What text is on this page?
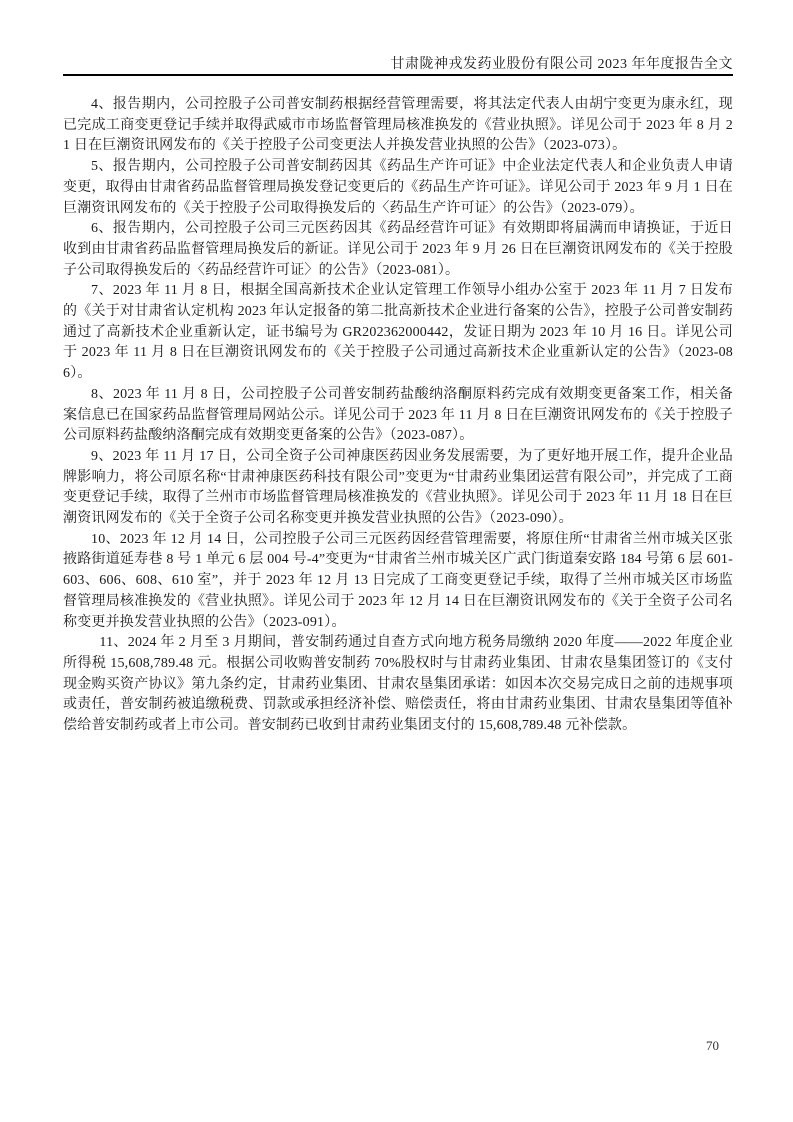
甘肃陇神戎发药业股份有限公司 2023 年年度报告全文

4、报告期内，公司控股子公司普安制药根据经营管理需要，将其法定代表人由胡宁变更为康永红，现已完成工商变更登记手续并取得武威市市场监督管理局核准换发的《营业执照》。详见公司于 2023 年 8 月 21 日在巨潮资讯网发布的《关于控股子公司变更法人并换发营业执照的公告》（2023-073）。

5、报告期内，公司控股子公司普安制药因其《药品生产许可证》中企业法定代表人和企业负责人申请变更，取得由甘肃省药品监督管理局换发登记变更后的《药品生产许可证》。详见公司于 2023 年 9 月 1 日在巨潮资讯网发布的《关于控股子公司取得换发后的〈药品生产许可证〉的公告》（2023-079）。

6、报告期内，公司控股子公司三元医药因其《药品经营许可证》有效期即将届满而申请换证，于近日收到由甘肃省药品监督管理局换发后的新证。详见公司于 2023 年 9 月 26 日在巨潮资讯网发布的《关于控股子公司取得换发后的〈药品经营许可证〉的公告》（2023-081）。

7、2023 年 11 月 8 日，根据全国高新技术企业认定管理工作领导小组办公室于 2023 年 11 月 7 日发布的《关于对甘肃省认定机构 2023 年认定报备的第二批高新技术企业进行备案的公告》，控股子公司普安制药通过了高新技术企业重新认定，证书编号为 GR202362000442，发证日期为 2023 年 10 月 16 日。详见公司于 2023 年 11 月 8 日在巨潮资讯网发布的《关于控股子公司通过高新技术企业重新认定的公告》（2023-086）。

8、2023 年 11 月 8 日，公司控股子公司普安制药盐酸纳洛酮原料药完成有效期变更备案工作，相关备案信息已在国家药品监督管理局网站公示。详见公司于 2023 年 11 月 8 日在巨潮资讯网发布的《关于控股子公司原料药盐酸纳洛酮完成有效期变更备案的公告》（2023-087）。

9、2023 年 11 月 17 日，公司全资子公司神康医药因业务发展需要，为了更好地开展工作，提升企业品牌影响力，将公司原名称“甘肃神康医药科技有限公司”变更为“甘肃药业集团运营有限公司”，并完成了工商变更登记手续，取得了兰州市市场监督管理局核准换发的《营业执照》。详见公司于 2023 年 11 月 18 日在巨潮资讯网发布的《关于全资子公司名称变更并换发营业执照的公告》（2023-090）。

10、2023 年 12 月 14 日，公司控股子公司三元医药因经营管理需要，将原住所“甘肃省兰州市城关区张掖路街道延寿巷 8 号 1 单元 6 层 004 号-4”变更为“甘肃省兰州市城关区广武门街道秦安路 184 号第 6 层 601-603、606、608、610 室”，并于 2023 年 12 月 13 日完成了工商变更登记手续，取得了兰州市城关区市场监督管理局核准换发的《营业执照》。详见公司于 2023 年 12 月 14 日在巨潮资讯网发布的《关于全资子公司名称变更并换发营业执照的公告》（2023-091）。

11、2024 年 2 月至 3 月期间，普安制药通过自查方式向地方税务局缴纳 2020 年度——2022 年度企业所得税 15,608,789.48 元。根据公司收购普安制药 70%股权时与甘肃药业集团、甘肃农垦集团签订的《支付现金购买资产协议》第九条约定，甘肃药业集团、甘肃农垦集团承诺：如因本次交易完成日之前的违规事项或责任，普安制药被追缴税费、罚款或承担经济补偿、赔偿责任，将由甘肃药业集团、甘肃农垦集团等值补偿给普安制药或者上市公司。普安制药已收到甘肃药业集团支付的 15,608,789.48 元补偿款。

70
